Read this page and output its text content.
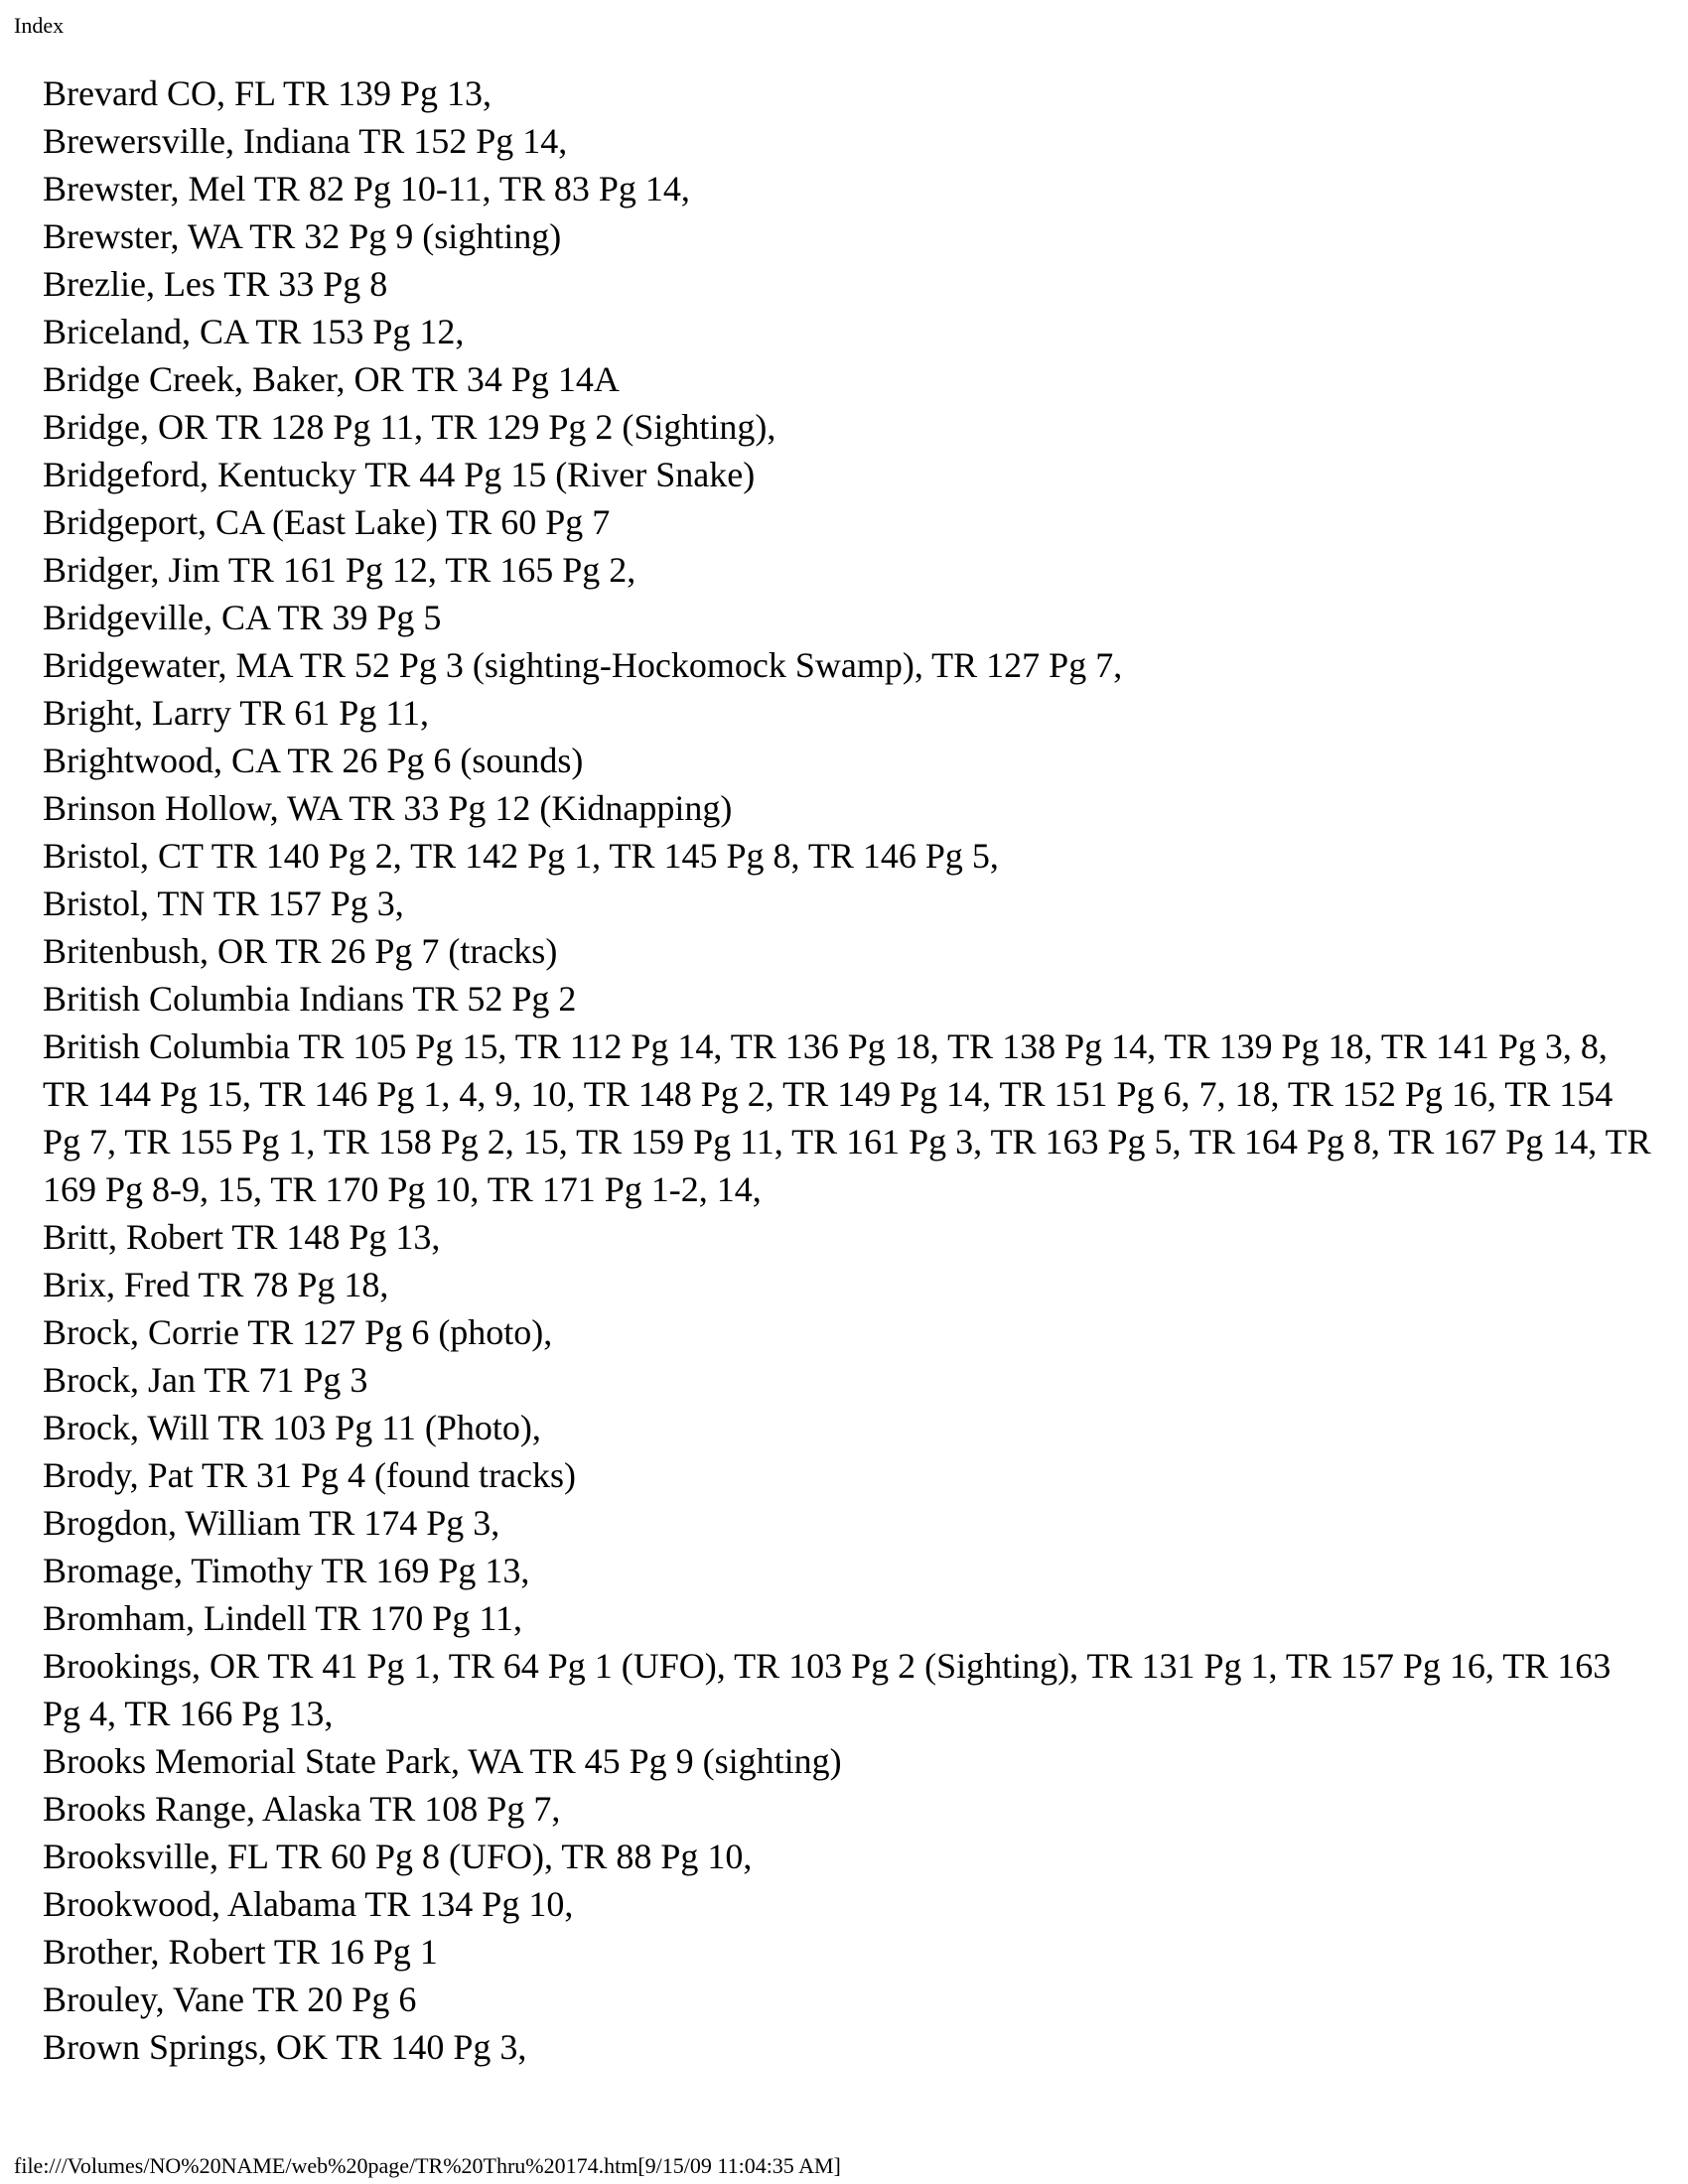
Index
Brevard CO, FL TR 139 Pg 13,
Brewersville, Indiana TR 152 Pg 14,
Brewster, Mel TR 82 Pg 10-11, TR 83 Pg 14,
Brewster, WA TR 32 Pg 9 (sighting)
Brezlie, Les TR 33 Pg 8
Briceland, CA TR 153 Pg 12,
Bridge Creek, Baker, OR TR 34 Pg 14A
Bridge, OR TR 128 Pg 11, TR 129 Pg 2 (Sighting),
Bridgeford, Kentucky TR 44 Pg 15 (River Snake)
Bridgeport, CA (East Lake) TR 60 Pg 7
Bridger, Jim TR 161 Pg 12, TR 165 Pg 2,
Bridgeville, CA TR 39 Pg 5
Bridgewater, MA TR 52 Pg 3 (sighting-Hockomock Swamp), TR 127 Pg 7,
Bright, Larry TR 61 Pg 11,
Brightwood, CA TR 26 Pg 6 (sounds)
Brinson Hollow, WA TR 33 Pg 12 (Kidnapping)
Bristol, CT TR 140 Pg 2, TR 142 Pg 1, TR 145 Pg 8, TR 146 Pg 5,
Bristol, TN TR 157 Pg 3,
Britenbush, OR TR 26 Pg 7 (tracks)
British Columbia Indians TR 52 Pg 2
British Columbia TR 105 Pg 15, TR 112 Pg 14, TR 136 Pg 18, TR 138 Pg 14, TR 139 Pg 18, TR 141 Pg 3, 8, TR 144 Pg 15, TR 146 Pg 1, 4, 9, 10, TR 148 Pg 2, TR 149 Pg 14, TR 151 Pg 6, 7, 18, TR 152 Pg 16, TR 154 Pg 7, TR 155 Pg 1, TR 158 Pg 2, 15, TR 159 Pg 11, TR 161 Pg 3, TR 163 Pg 5, TR 164 Pg 8, TR 167 Pg 14, TR 169 Pg 8-9, 15, TR 170 Pg 10, TR 171 Pg 1-2, 14,
Britt, Robert TR 148 Pg 13,
Brix, Fred TR 78 Pg 18,
Brock, Corrie TR 127 Pg 6 (photo),
Brock, Jan TR 71 Pg 3
Brock, Will TR 103 Pg 11 (Photo),
Brody, Pat TR 31 Pg 4 (found tracks)
Brogdon, William TR 174 Pg 3,
Bromage, Timothy TR 169 Pg 13,
Bromham, Lindell TR 170 Pg 11,
Brookings, OR TR 41 Pg 1, TR 64 Pg 1 (UFO), TR 103 Pg 2 (Sighting), TR 131 Pg 1, TR 157 Pg 16, TR 163 Pg 4, TR 166 Pg 13,
Brooks Memorial State Park, WA TR 45 Pg 9 (sighting)
Brooks Range, Alaska TR 108 Pg 7,
Brooksville, FL TR 60 Pg 8 (UFO), TR 88 Pg 10,
Brookwood, Alabama TR 134 Pg 10,
Brother, Robert TR 16 Pg 1
Brouley, Vane TR 20 Pg 6
Brown Springs, OK TR 140 Pg 3,
file:///Volumes/NO%20NAME/web%20page/TR%20Thru%20174.htm[9/15/09 11:04:35 AM]
